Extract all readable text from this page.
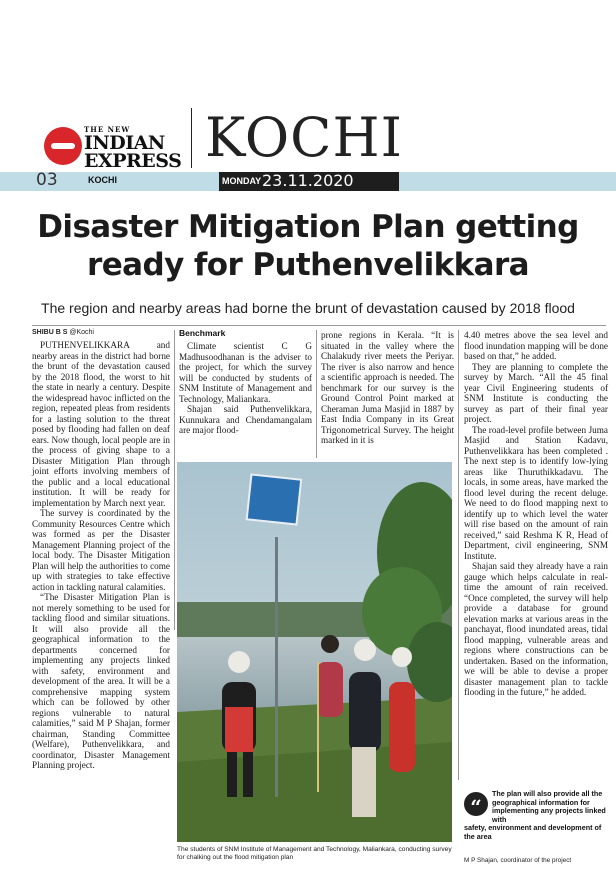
THE NEW
INDIAN
EXPRESS KOCHI
03	KOCHI	MONDAY 23.11.2020
Disaster Mitigation Plan getting
ready for Puthenvelikkara
The region and nearby areas had borne the brunt of devastation caused by 2018 flood
SHIBU B S @Kochi

PUTHENVELIKKARA and nearby areas in the district had borne the brunt of the devastation caused by the 2018 flood, the worst to hit the state in nearly a century. Despite the widespread havoc inflicted on the region, repeated pleas from residents for a lasting solution to the threat posed by flooding had fallen on deaf ears. Now though, local people are in the process of giving shape to a Disaster Mitigation Plan through joint efforts involving members of the public and a local educational institution. It will be ready for implementation by March next year.

The survey is coordinated by the Community Resources Centre which was formed as per the Disaster Management Planning project of the local body. The Disaster Mitigation Plan will help the authorities to come up with strategies to take effective action in tackling natural calamities.

“The Disaster Mitigation Plan is not merely something to be used for tackling flood and similar situations. It will also provide all the geographical information to the departments concerned for implementing any projects linked with safety, environment and development of the area. It will be a comprehensive mapping system which can be followed by other regions vulnerable to natural calamities,” said M P Shajan, former chairman, Standing Committee (Welfare), Puthenvelikkara, and coordinator, Disaster Management Planning project.

Benchmark

Climate scientist C G Madhusoodhanan is the adviser to the project, for which the survey will be conducted by students of SNM Institute of Management and Technology, Maliankara.

Shajan said Puthenvelikkara, Kunnukara and Chendamangalam are major flood-

prone regions in Kerala. “It is situated in the valley where the Chalakudy river meets the Periyar. The river is also narrow and hence a scientific approach is needed. The benchmark for our survey is the Ground Control Point marked at Cheraman Juma Masjid in 1887 by East India Company in its Great Trigonometrical Survey. The height marked in it is

4.40 metres above the sea level and flood inundation mapping will be done based on that,” he added.

They are planning to complete the survey by March. “All the 45 final year Civil Engineering students of SNM Institute is conducting the survey as part of their final year project.

The road-level profile between Juma Masjid and Station Kadavu, Puthenvelikkara has been completed . The next step is to identify low-lying areas like Thuruthikkadavu. The locals, in some areas, have marked the flood level during the recent deluge. We need to do flood mapping next to identify up to which level the water will rise based on the amount of rain received,” said Reshma K R, Head of Department, civil engineering, SNM Institute.

Shajan said they already have a rain gauge which helps calculate in real-time the amount of rain received. “Once completed, the survey will help provide a database for ground elevation marks at various areas in the panchayat, flood inundated areas, tidal flood mapping, vulnerable areas and regions where constructions can be undertaken. Based on the information, we will be able to devise a proper disaster management plan to tackle flooding in the future,” he added.

The students of SNM Institute of Management and Technology, Maliankara, conducting survey for chalking out the flood mitigation plan
“
The plan will also provide all the geographical information for implementing any projects linked with
safety, environment and development of the area
M P Shajan, coordinator of the project
